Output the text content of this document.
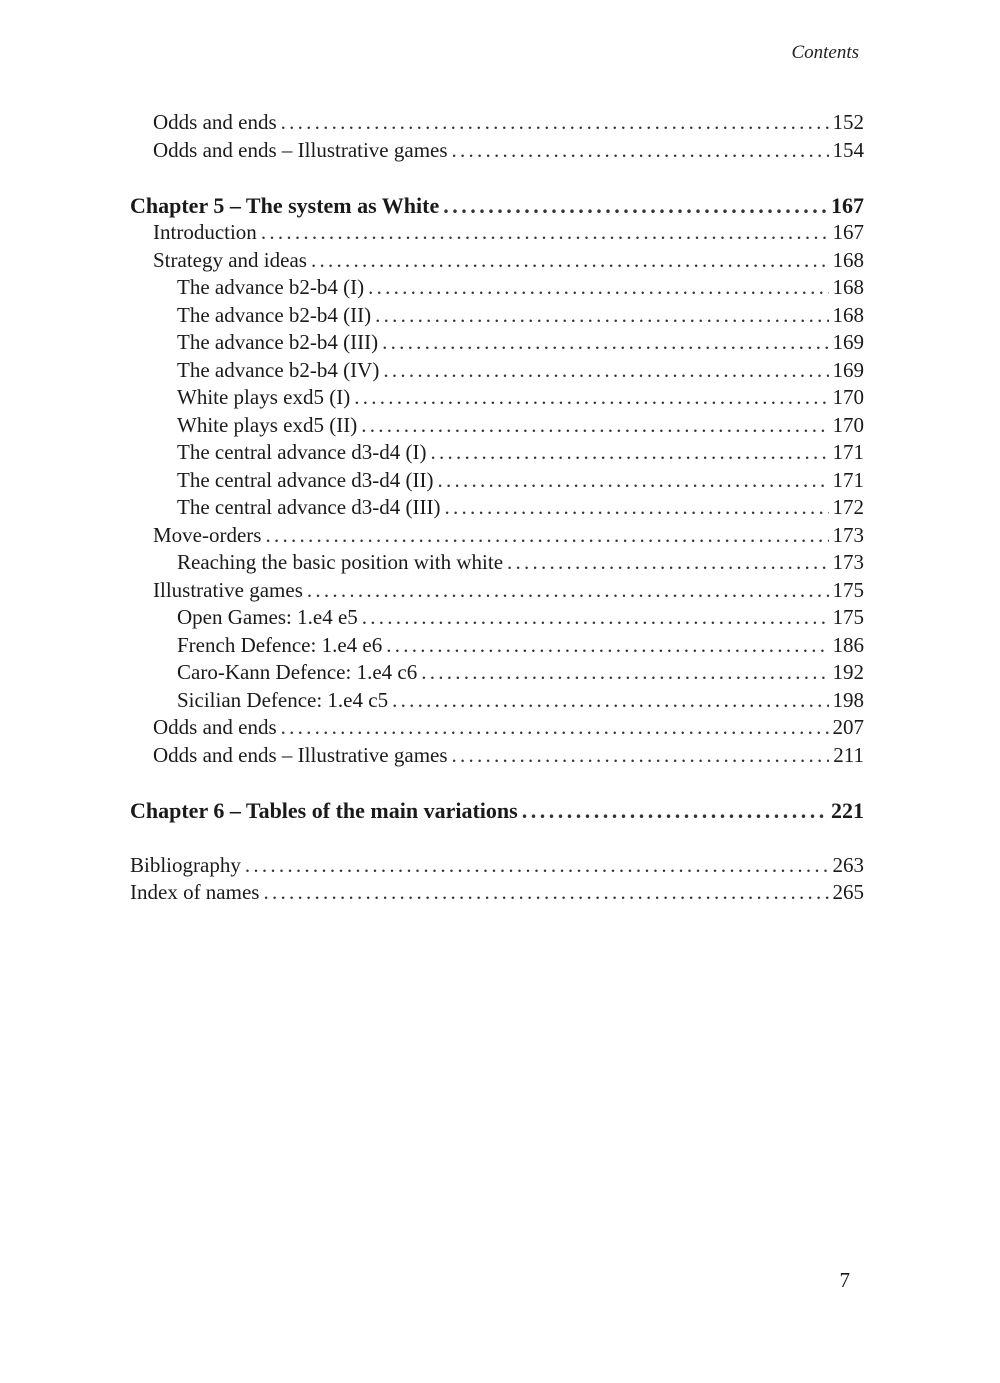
Contents
Odds and ends . . .	152
Odds and ends – Illustrative games . . .	154
Chapter 5 – The system as White . . .	167
Introduction . . .	167
Strategy and ideas . . .	168
The advance b2-b4 (I) . . .	168
The advance b2-b4 (II) . . .	168
The advance b2-b4 (III) . . .	169
The advance b2-b4 (IV) . . .	169
White plays exd5 (I) . . .	170
White plays exd5 (II) . . .	170
The central advance d3-d4 (I) . . .	171
The central advance d3-d4 (II) . . .	171
The central advance d3-d4 (III) . . .	172
Move-orders . . .	173
Reaching the basic position with white . . .	173
Illustrative games . . .	175
Open Games: 1.e4 e5 . . .	175
French Defence: 1.e4 e6 . . .	186
Caro-Kann Defence: 1.e4 c6 . . .	192
Sicilian Defence: 1.e4 c5 . . .	198
Odds and ends . . .	207
Odds and ends – Illustrative games . . .	211
Chapter 6 – Tables of the main variations . . .	221
Bibliography . . .	263
Index of names . . .	265
7
